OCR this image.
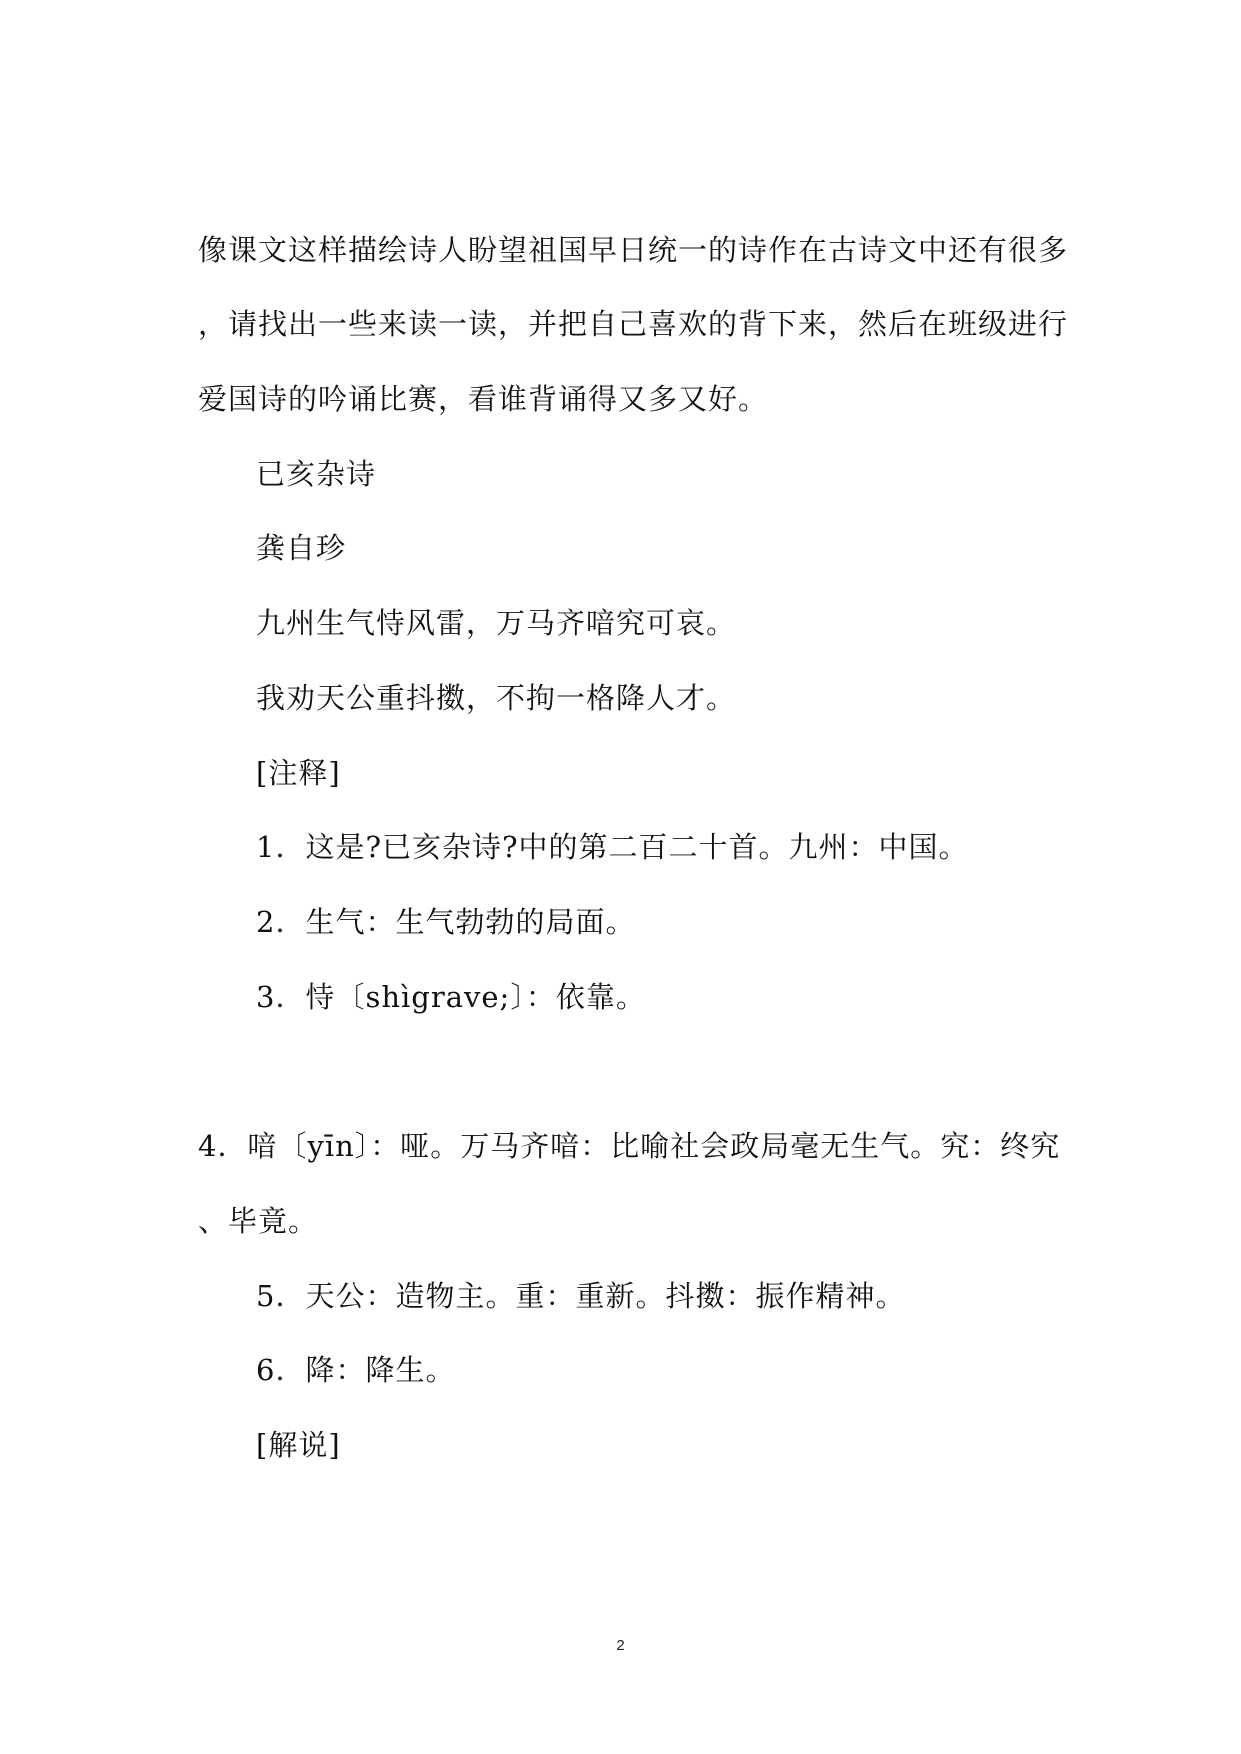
像课文这样描绘诗人盼望祖国早日统一的诗作在古诗文中还有很多
，请找出一些来读一读，并把自己喜欢的背下来，然后在班级进行
爱国诗的吟诵比赛，看谁背诵得又多又好。
已亥杂诗
龚自珍
九州生气恃风雷，万马齐喑究可哀。
我劝天公重抖擞，不拘一格降人才。
[注释]
1．这是?已亥杂诗?中的第二百二十首。九州：中国。
2．生气：生气勃勃的局面。
3．恃〔shìgrave;〕：依靠。
4．喑〔yīn〕：哑。万马齐喑：比喻社会政局毫无生气。究：终究
、毕竟。
5．天公：造物主。重：重新。抖擞：振作精神。
6．降：降生。
[解说]
2
